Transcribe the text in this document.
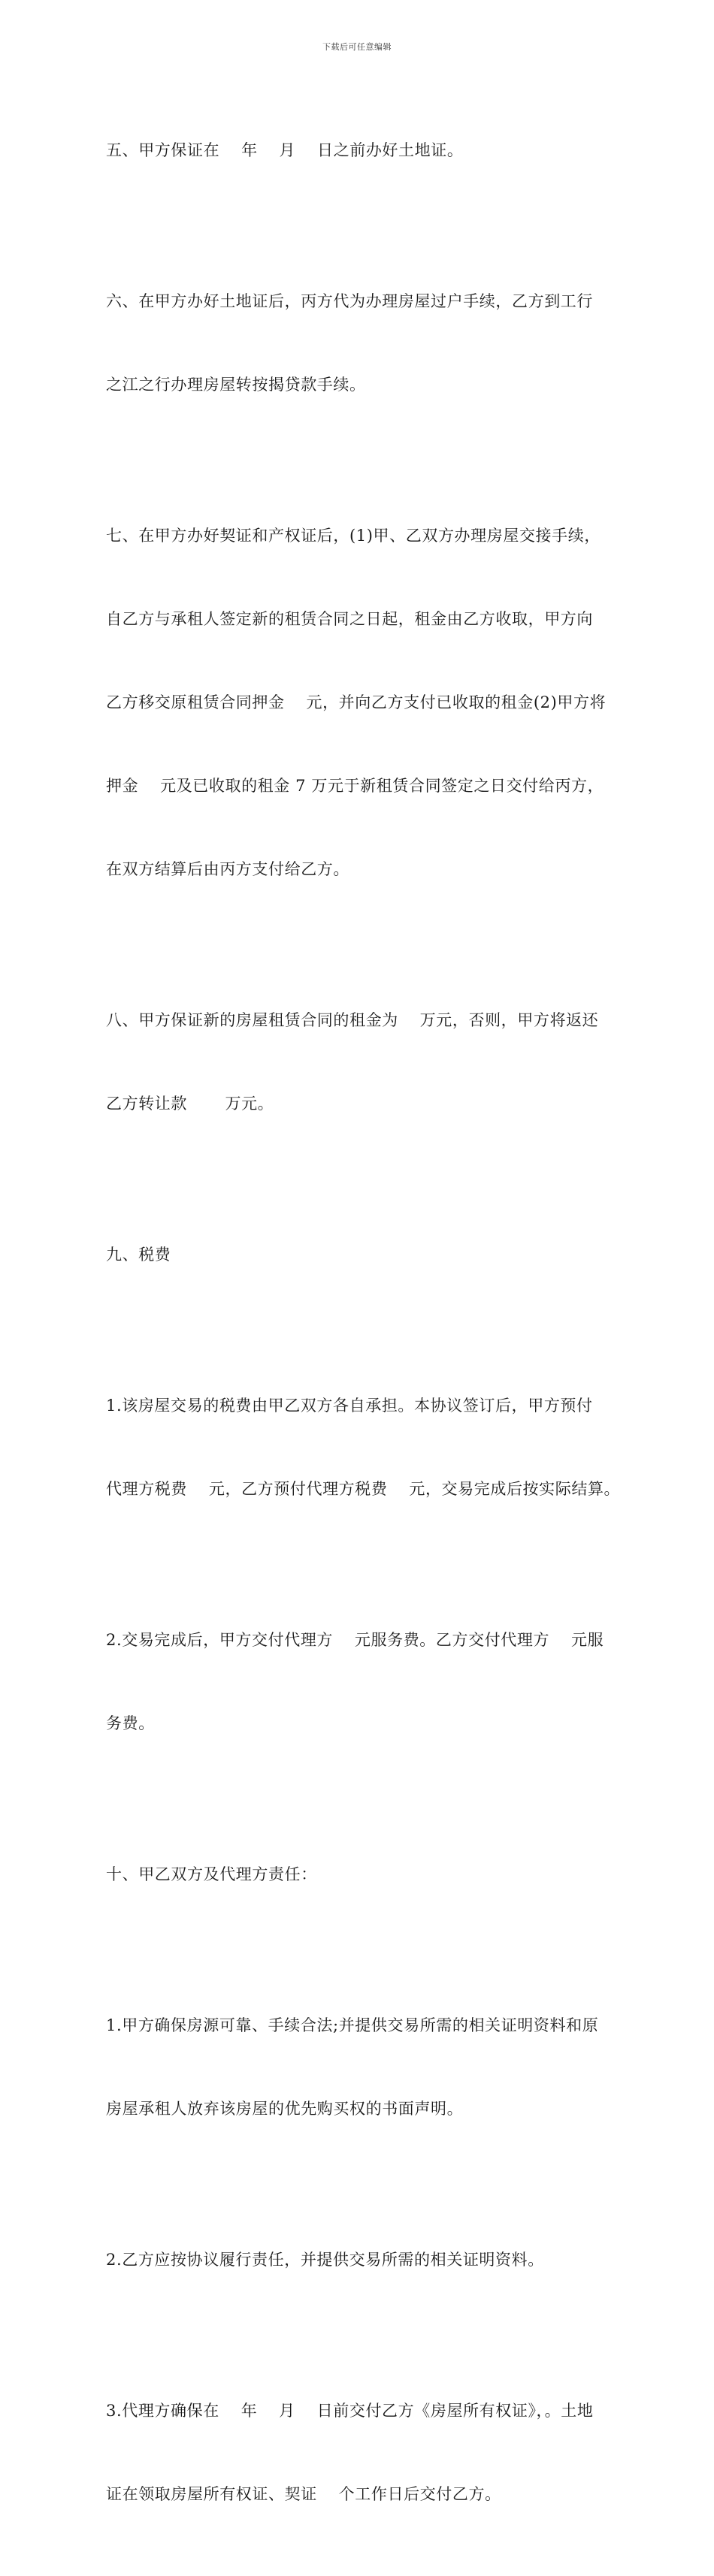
下载后可任意编辑

五、甲方保证在　 年　 月　 日之前办好土地证。

六、在甲方办好土地证后，丙方代为办理房屋过户手续，乙方到工行

之江之行办理房屋转按揭贷款手续。

七、在甲方办好契证和产权证后，(1)甲、乙双方办理房屋交接手续，

自乙方与承租人签定新的租赁合同之日起，租金由乙方收取，甲方向

乙方移交原租赁合同押金　 元，并向乙方支付已收取的租金(2)甲方将

押金　 元及已收取的租金 7 万元于新租赁合同签定之日交付给丙方，

在双方结算后由丙方支付给乙方。

八、甲方保证新的房屋租赁合同的租金为　 万元，否则，甲方将返还

乙方转让款　　 万元。

九、税费

1.该房屋交易的税费由甲乙双方各自承担。本协议签订后，甲方预付

代理方税费　 元，乙方预付代理方税费　 元，交易完成后按实际结算。

2.交易完成后，甲方交付代理方　 元服务费。乙方交付代理方　 元服

务费。

十、甲乙双方及代理方责任：

1.甲方确保房源可靠、手续合法;并提供交易所需的相关证明资料和原

房屋承租人放弃该房屋的优先购买权的书面声明。

2.乙方应按协议履行责任，并提供交易所需的相关证明资料。

3.代理方确保在　 年　 月　 日前交付乙方《房屋所有权证》，。土地

证在领取房屋所有权证、契证　 个工作日后交付乙方。
